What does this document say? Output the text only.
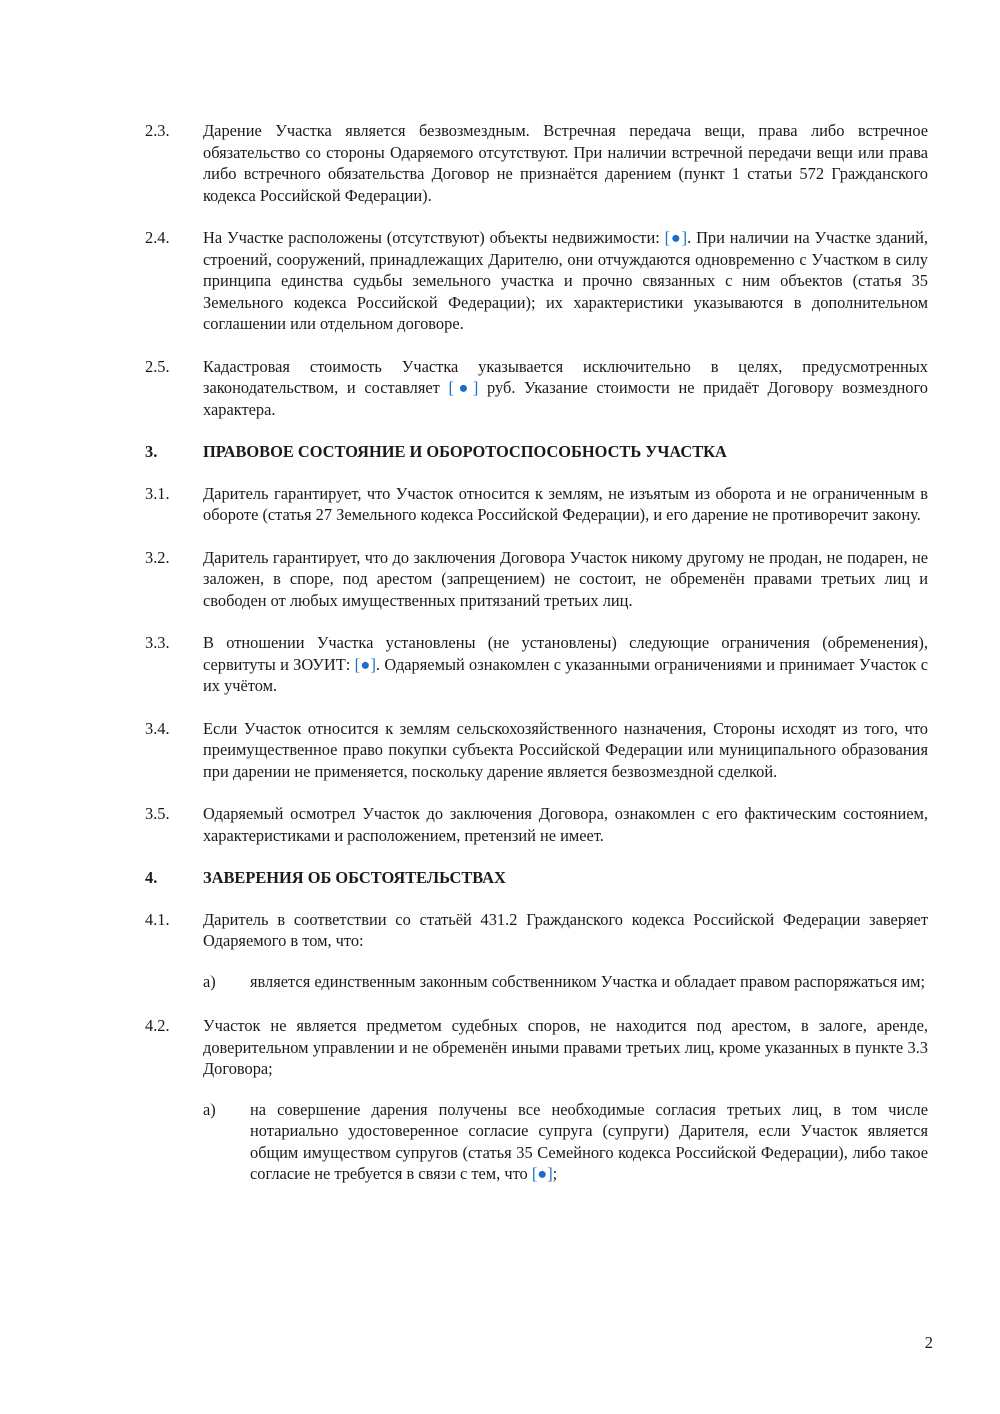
2.3.	Дарение Участка является безвозмездным. Встречная передача вещи, права либо встречное обязательство со стороны Одаряемого отсутствуют. При наличии встречной передачи вещи или права либо встречного обязательства Договор не признаётся дарением (пункт 1 статьи 572 Гражданского кодекса Российской Федерации).
2.4.	На Участке расположены (отсутствуют) объекты недвижимости: [●]. При наличии на Участке зданий, строений, сооружений, принадлежащих Дарителю, они отчуждаются одновременно с Участком в силу принципа единства судьбы земельного участка и прочно связанных с ним объектов (статья 35 Земельного кодекса Российской Федерации); их характеристики указываются в дополнительном соглашении или отдельном договоре.
2.5.	Кадастровая стоимость Участка указывается исключительно в целях, предусмотренных законодательством, и составляет [●] руб. Указание стоимости не придаёт Договору возмездного характера.
3.	ПРАВОВОЕ СОСТОЯНИЕ И ОБОРОТОСПОСОБНОСТЬ УЧАСТКА
3.1.	Даритель гарантирует, что Участок относится к землям, не изъятым из оборота и не ограниченным в обороте (статья 27 Земельного кодекса Российской Федерации), и его дарение не противоречит закону.
3.2.	Даритель гарантирует, что до заключения Договора Участок никому другому не продан, не подарен, не заложен, в споре, под арестом (запрещением) не состоит, не обременён правами третьих лиц и свободен от любых имущественных притязаний третьих лиц.
3.3.	В отношении Участка установлены (не установлены) следующие ограничения (обременения), сервитуты и ЗОУИТ: [●]. Одаряемый ознакомлен с указанными ограничениями и принимает Участок с их учётом.
3.4.	Если Участок относится к землям сельскохозяйственного назначения, Стороны исходят из того, что преимущественное право покупки субъекта Российской Федерации или муниципального образования при дарении не применяется, поскольку дарение является безвозмездной сделкой.
3.5.	Одаряемый осмотрел Участок до заключения Договора, ознакомлен с его фактическим состоянием, характеристиками и расположением, претензий не имеет.
4.	ЗАВЕРЕНИЯ ОБ ОБСТОЯТЕЛЬСТВАХ
4.1.	Даритель в соответствии со статьёй 431.2 Гражданского кодекса Российской Федерации заверяет Одаряемого в том, что:
a)	является единственным законным собственником Участка и обладает правом распоряжаться им;
4.2.	Участок не является предметом судебных споров, не находится под арестом, в залоге, аренде, доверительном управлении и не обременён иными правами третьих лиц, кроме указанных в пункте 3.3 Договора;
a)	на совершение дарения получены все необходимые согласия третьих лиц, в том числе нотариально удостоверенное согласие супруга (супруги) Дарителя, если Участок является общим имуществом супругов (статья 35 Семейного кодекса Российской Федерации), либо такое согласие не требуется в связи с тем, что [●];
2
